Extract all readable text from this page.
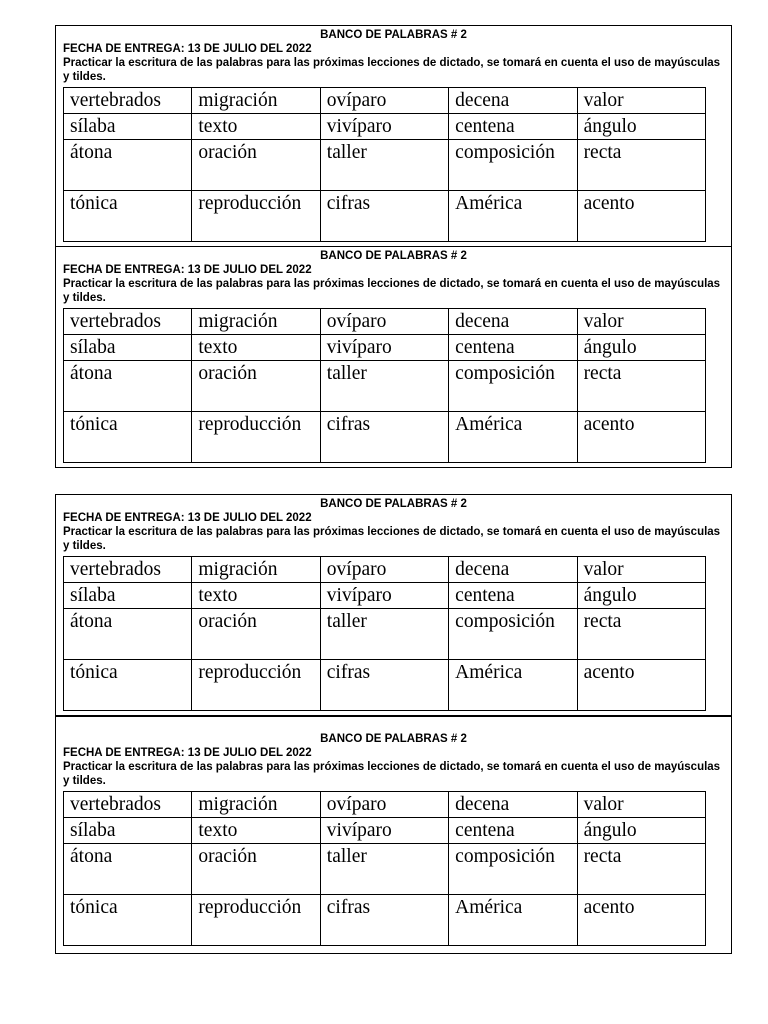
BANCO DE PALABRAS # 2
FECHA DE ENTREGA: 13 DE JULIO DEL 2022
Practicar la escritura de las palabras para las próximas lecciones de dictado, se tomará en cuenta el uso de mayúsculas y tildes.
vertebrados	migración	ovíparo	decena	valor
sílaba	texto	vivíparo	centena	ángulo
átona	oración	taller	composición	recta
tónica	reproducción	cifras	América	acento
BANCO DE PALABRAS # 2
FECHA DE ENTREGA: 13 DE JULIO DEL 2022
Practicar la escritura de las palabras para las próximas lecciones de dictado, se tomará en cuenta el uso de mayúsculas y tildes.
vertebrados	migración	ovíparo	decena	valor
sílaba	texto	vivíparo	centena	ángulo
átona	oración	taller	composición	recta
tónica	reproducción	cifras	América	acento
BANCO DE PALABRAS # 2
FECHA DE ENTREGA: 13 DE JULIO DEL 2022
Practicar la escritura de las palabras para las próximas lecciones de dictado, se tomará en cuenta el uso de mayúsculas y tildes.
vertebrados	migración	ovíparo	decena	valor
sílaba	texto	vivíparo	centena	ángulo
átona	oración	taller	composición	recta
tónica	reproducción	cifras	América	acento
BANCO DE PALABRAS # 2
FECHA DE ENTREGA: 13 DE JULIO DEL 2022
Practicar la escritura de las palabras para las próximas lecciones de dictado, se tomará en cuenta el uso de mayúsculas y tildes.
vertebrados	migración	ovíparo	decena	valor
sílaba	texto	vivíparo	centena	ángulo
átona	oración	taller	composición	recta
tónica	reproducción	cifras	América	acento
